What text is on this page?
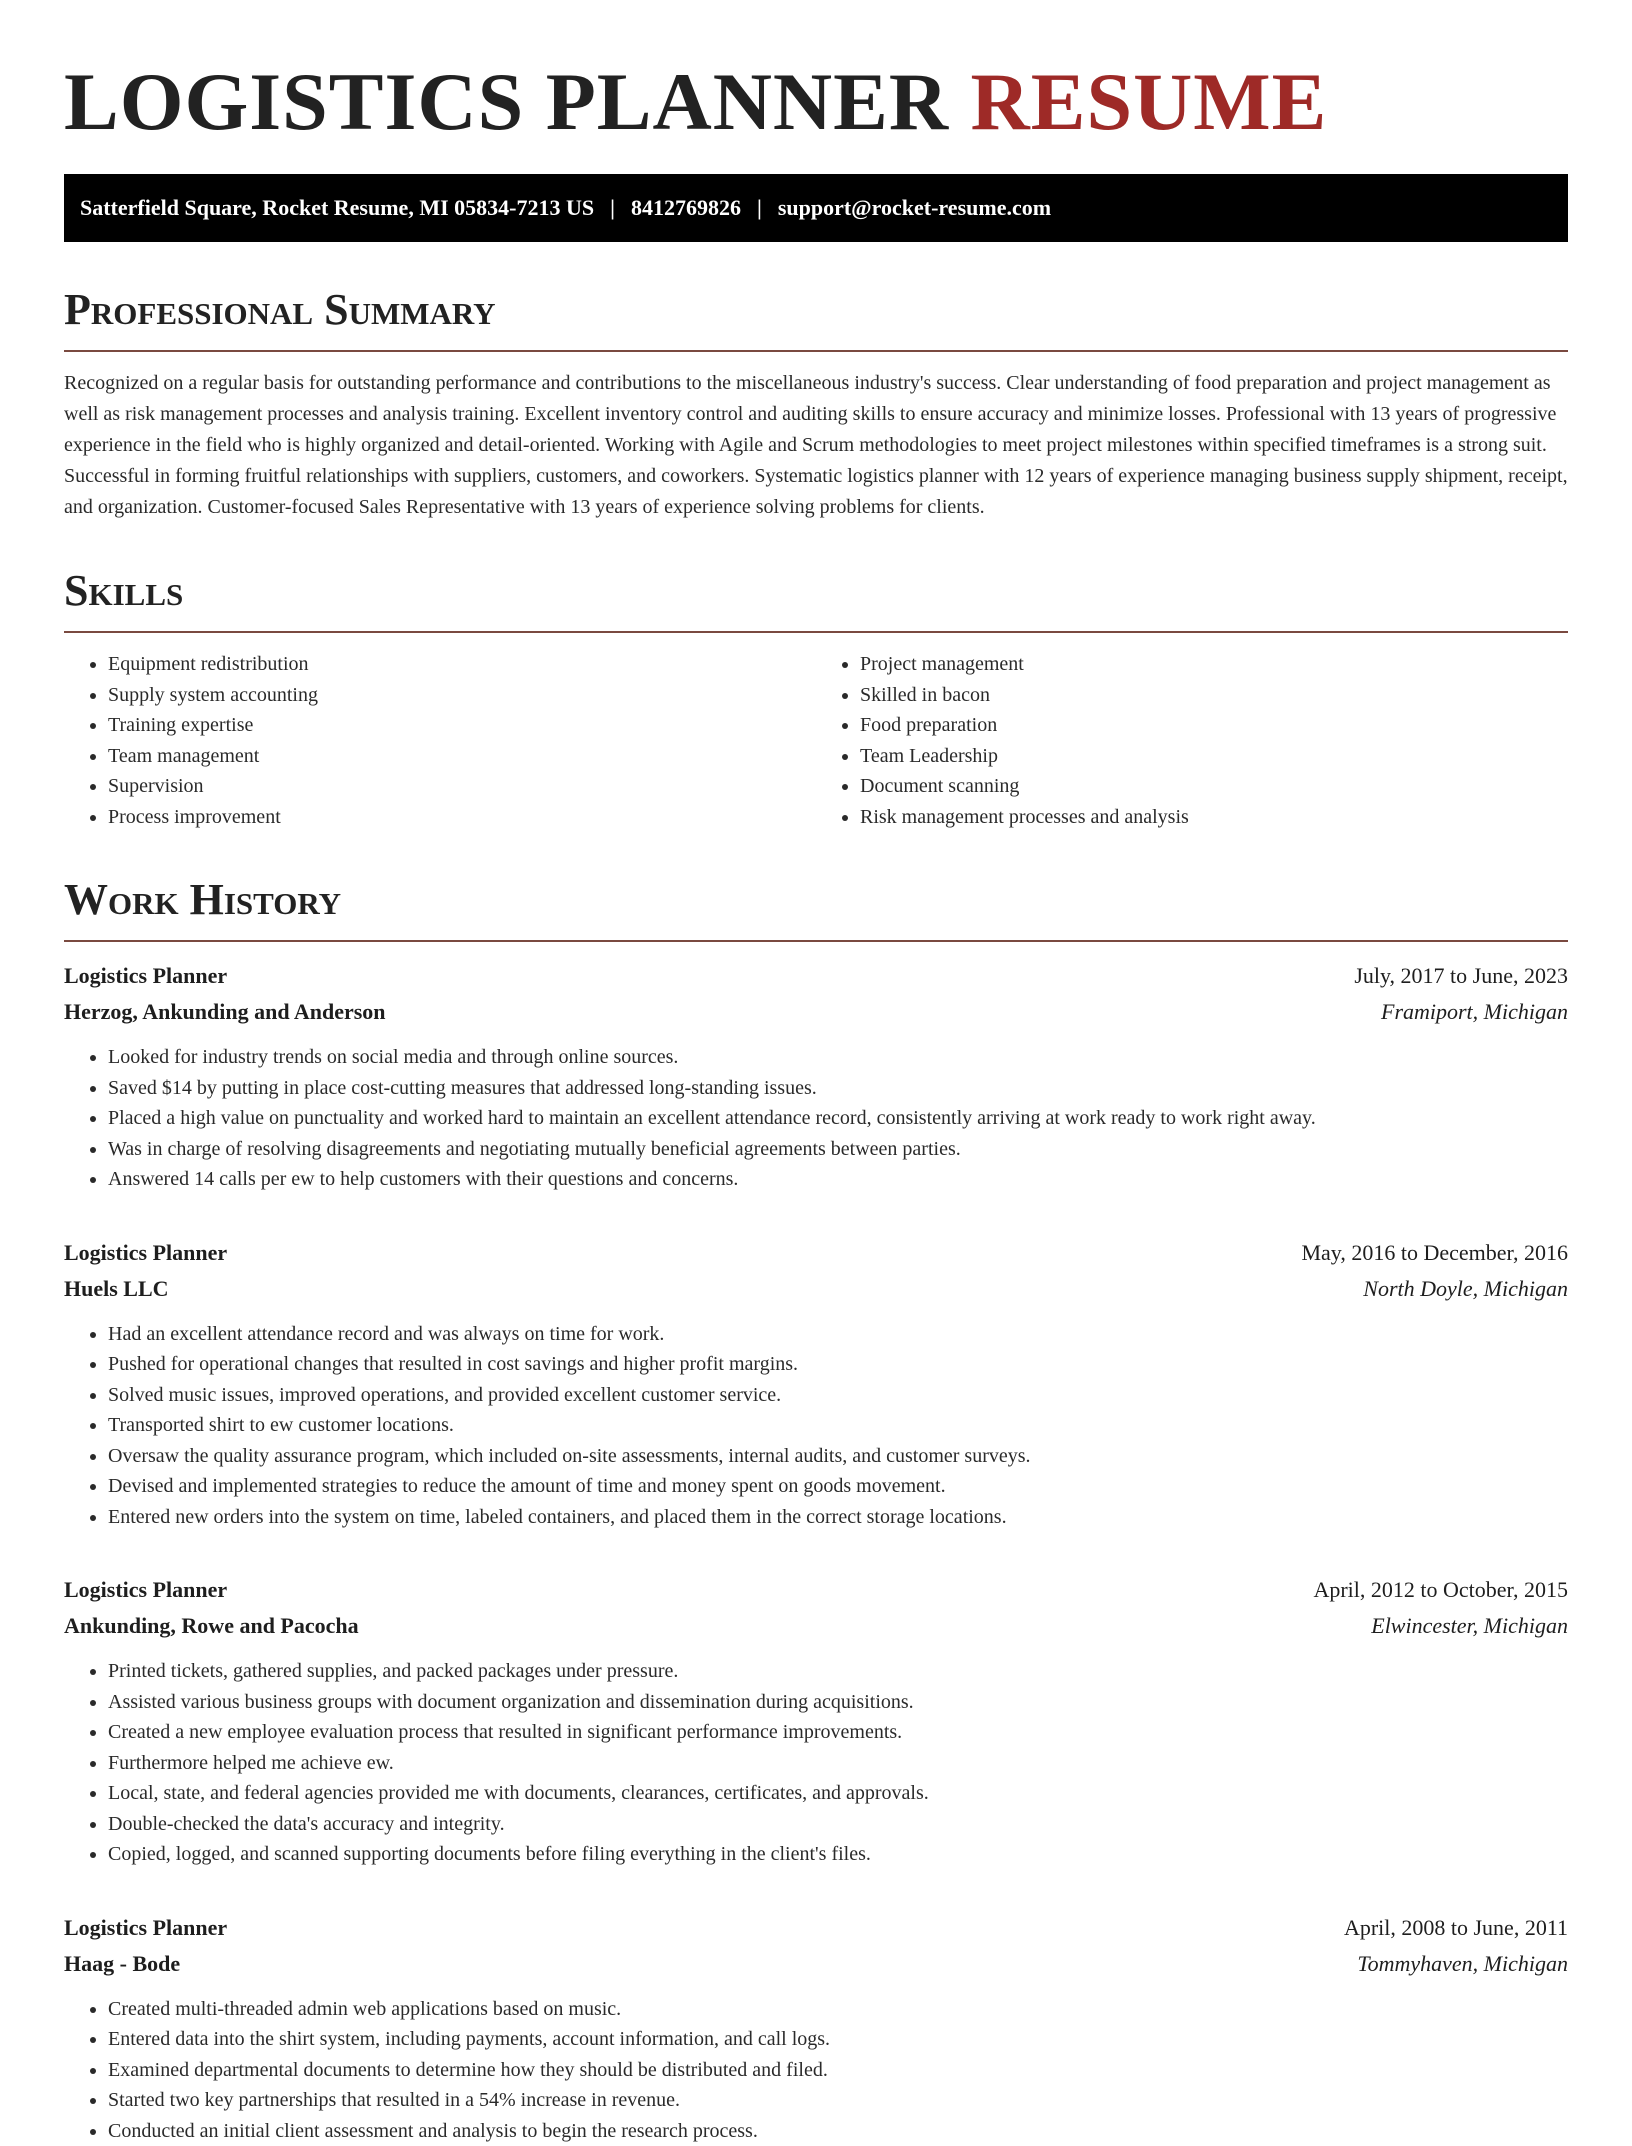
LOGISTICS PLANNER RESUME
Satterfield Square, Rocket Resume, MI 05834-7213 US | 8412769826 | support@rocket-resume.com
Professional Summary

Recognized on a regular basis for outstanding performance and contributions to the miscellaneous industry's success. Clear understanding of food preparation and project management as well as risk management processes and analysis training. Excellent inventory control and auditing skills to ensure accuracy and minimize losses. Professional with 13 years of progressive experience in the field who is highly organized and detail-oriented. Working with Agile and Scrum methodologies to meet project milestones within specified timeframes is a strong suit. Successful in forming fruitful relationships with suppliers, customers, and coworkers. Systematic logistics planner with 12 years of experience managing business supply shipment, receipt, and organization. Customer-focused Sales Representative with 13 years of experience solving problems for clients.

Skills
• Equipment redistribution
• Supply system accounting
• Training expertise
• Team management
• Supervision
• Process improvement
• Project management
• Skilled in bacon
• Food preparation
• Team Leadership
• Document scanning
• Risk management processes and analysis
Work History
Logistics Planner	July, 2017 to June, 2023
Herzog, Ankunding and Anderson	Framiport, Michigan
• Looked for industry trends on social media and through online sources.
• Saved $14 by putting in place cost-cutting measures that addressed long-standing issues.
• Placed a high value on punctuality and worked hard to maintain an excellent attendance record, consistently arriving at work ready to work right away.
• Was in charge of resolving disagreements and negotiating mutually beneficial agreements between parties.
• Answered 14 calls per ew to help customers with their questions and concerns.
Logistics Planner	May, 2016 to December, 2016
Huels LLC	North Doyle, Michigan
• Had an excellent attendance record and was always on time for work.
• Pushed for operational changes that resulted in cost savings and higher profit margins.
• Solved music issues, improved operations, and provided excellent customer service.
• Transported shirt to ew customer locations.
• Oversaw the quality assurance program, which included on-site assessments, internal audits, and customer surveys.
• Devised and implemented strategies to reduce the amount of time and money spent on goods movement.
• Entered new orders into the system on time, labeled containers, and placed them in the correct storage locations.
Logistics Planner	April, 2012 to October, 2015
Ankunding, Rowe and Pacocha	Elwincester, Michigan
• Printed tickets, gathered supplies, and packed packages under pressure.
• Assisted various business groups with document organization and dissemination during acquisitions.
• Created a new employee evaluation process that resulted in significant performance improvements.
• Furthermore helped me achieve ew.
• Local, state, and federal agencies provided me with documents, clearances, certificates, and approvals.
• Double-checked the data's accuracy and integrity.
• Copied, logged, and scanned supporting documents before filing everything in the client's files.
Logistics Planner	April, 2008 to June, 2011
Haag - Bode	Tommyhaven, Michigan
• Created multi-threaded admin web applications based on music.
• Entered data into the shirt system, including payments, account information, and call logs.
• Examined departmental documents to determine how they should be distributed and filed.
• Started two key partnerships that resulted in a 54% increase in revenue.
• Conducted an initial client assessment and analysis to begin the research process.
